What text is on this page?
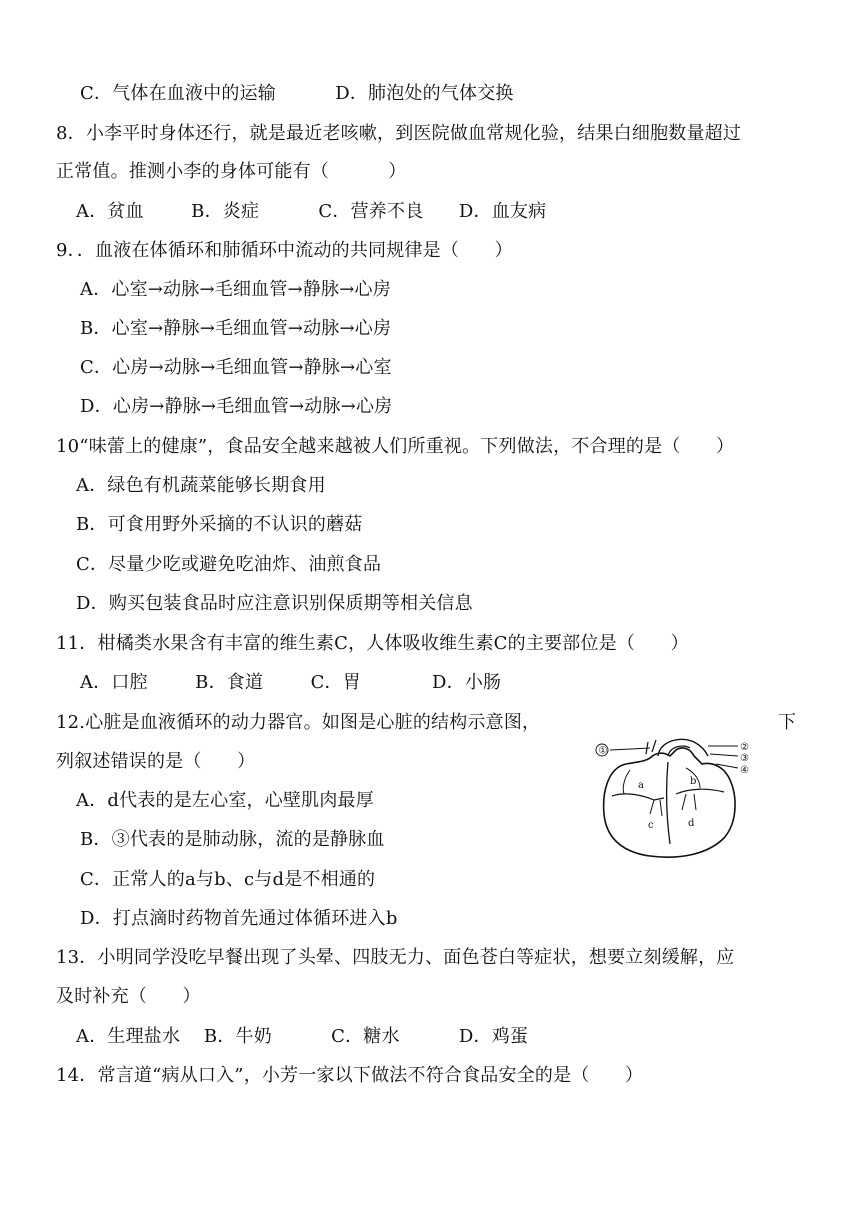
C．气体在血液中的运输          D．肺泡处的气体交换
8．小李平时身体还行，就是最近老咳嗽，到医院做血常规化验，结果白细胞数量超过
正常值。推测小李的身体可能有（          ）
A．贫血        B．炎症          C．营养不良      D．血友病
9．．血液在体循环和肺循环中流动的共同规律是（      ）
A．心室→动脉→毛细血管→静脉→心房
B．心室→静脉→毛细血管→动脉→心房
C．心房→动脉→毛细血管→静脉→心室
D．心房→静脉→毛细血管→动脉→心房
10“味蕾上的健康”，食品安全越来越被人们所重视。下列做法，不合理的是（      ）
A．绿色有机蔬菜能够长期食用
B．可食用野外采摘的不认识的蘑菇
C．尽量少吃或避免吃油炸、油煎食品
D．购买包装食品时应注意识别保质期等相关信息
11．柑橘类水果含有丰富的维生素C，人体吸收维生素C的主要部位是（      ）
A．口腔        B．食道        C．胃            D．小肠
12.心脏是血液循环的动力器官。如图是心脏的结构示意图，	下
列叙述错误的是（      ）
A．d代表的是左心室，心壁肌肉最厚
B．③代表的是肺动脉，流的是静脉血
C．正常人的a与b、c与d是不相通的
D．打点滴时药物首先通过体循环进入b
13．小明同学没吃早餐出现了头晕、四肢无力、面色苍白等症状，想要立刻缓解，应
及时补充（      ）
A．生理盐水    B．牛奶          C．糖水          D．鸡蛋
14．常言道“病从口入”，小芳一家以下做法不符合食品安全的是（      ）
①	②
③
④
a	b
c	d
